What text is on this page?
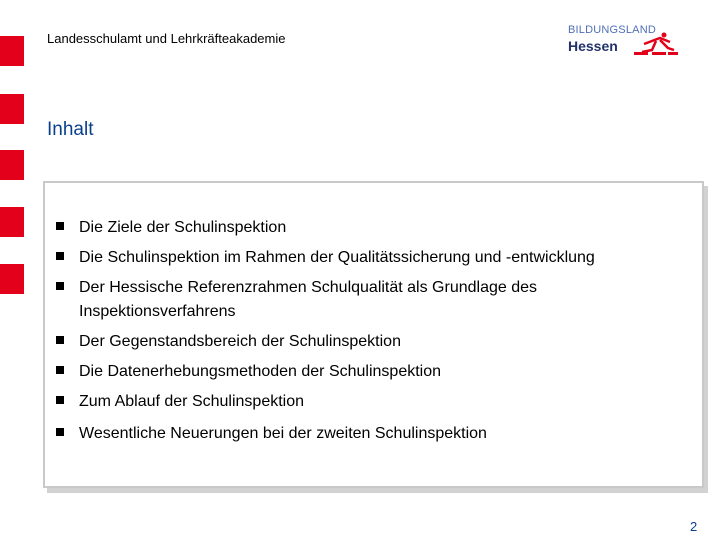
Landesschulamt und Lehrkräfteakademie
BILDUNGSLAND
Hessen
Inhalt
Die Ziele der Schulinspektion
Die Schulinspektion im Rahmen der Qualitätssicherung und -entwicklung
Der Hessische Referenzrahmen Schulqualität als Grundlage des Inspektionsverfahrens
Der Gegenstandsbereich der Schulinspektion
Die Datenerhebungsmethoden der Schulinspektion
Zum Ablauf der Schulinspektion
Wesentliche Neuerungen bei der zweiten Schulinspektion
2
